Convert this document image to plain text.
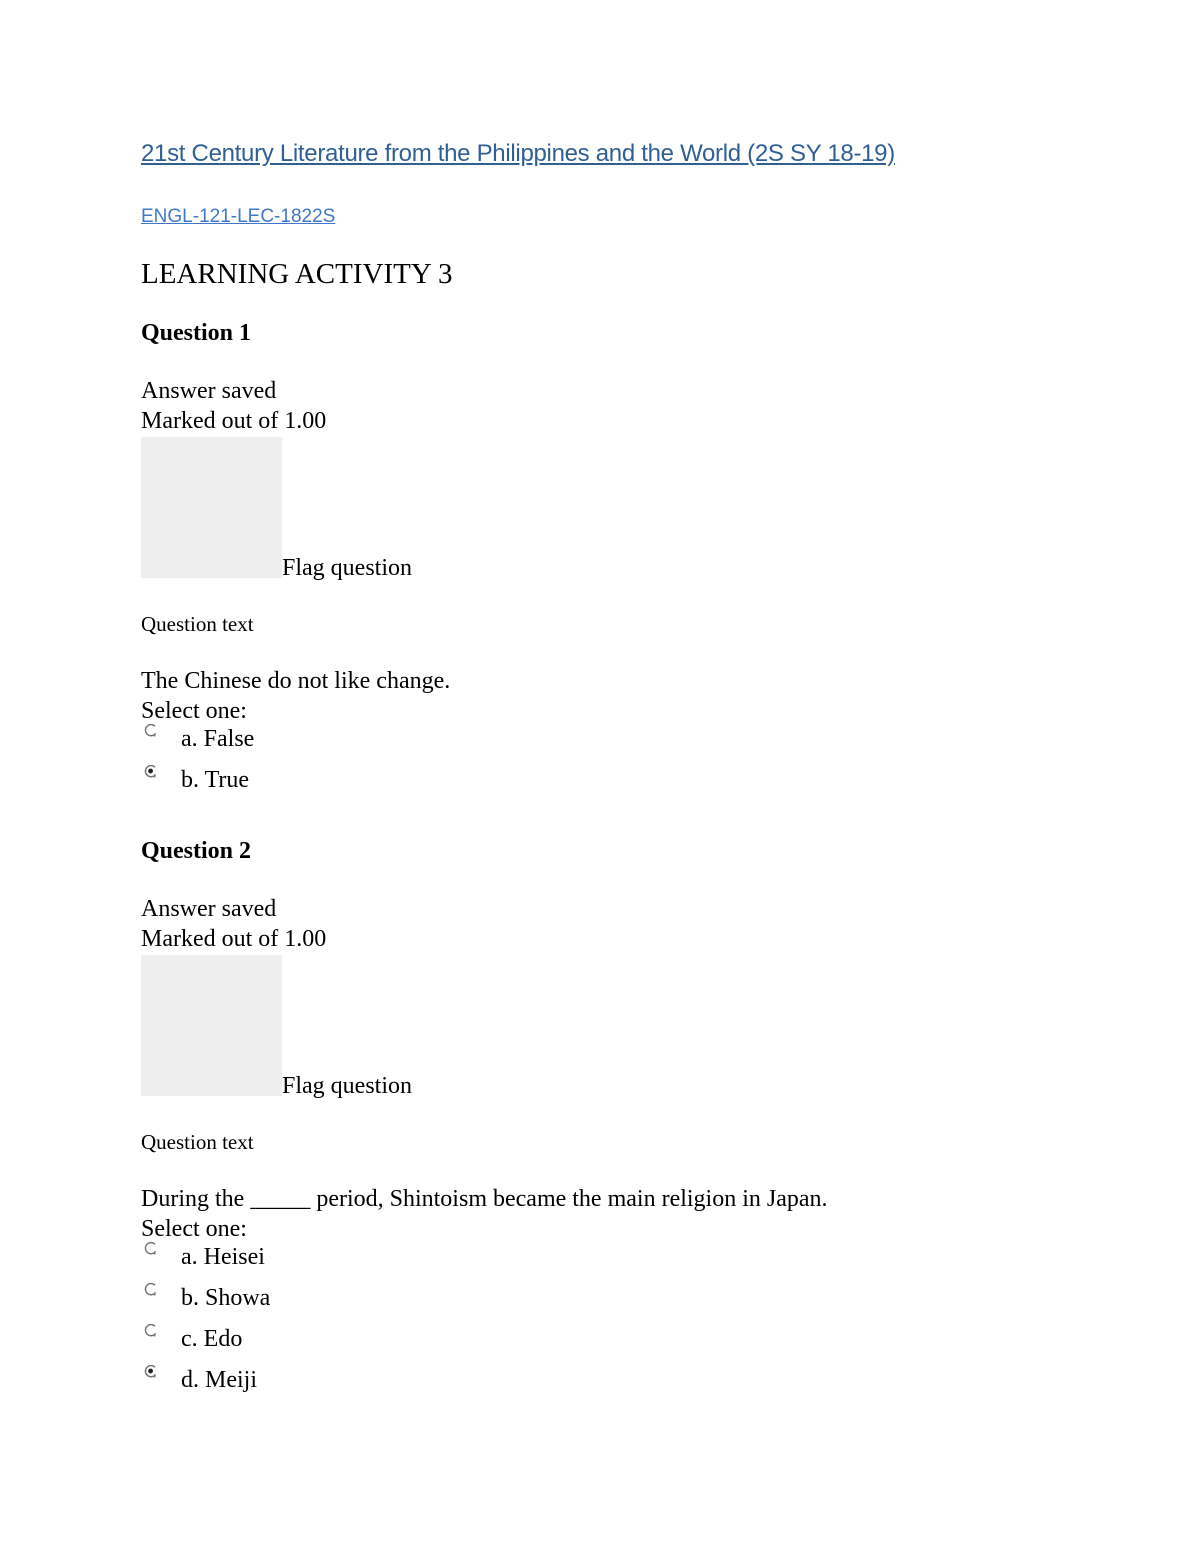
21st Century Literature from the Philippines and the World (2S SY 18-19)
ENGL-121-LEC-1822S
LEARNING ACTIVITY 3
Question 1
Answer saved
Marked out of 1.00
Flag question
Question text
The Chinese do not like change.
Select one:
a. False
b. True
Question 2
Answer saved
Marked out of 1.00
Flag question
Question text
During the _____ period, Shintoism became the main religion in Japan.
Select one:
a. Heisei
b. Showa
c. Edo
d. Meiji
